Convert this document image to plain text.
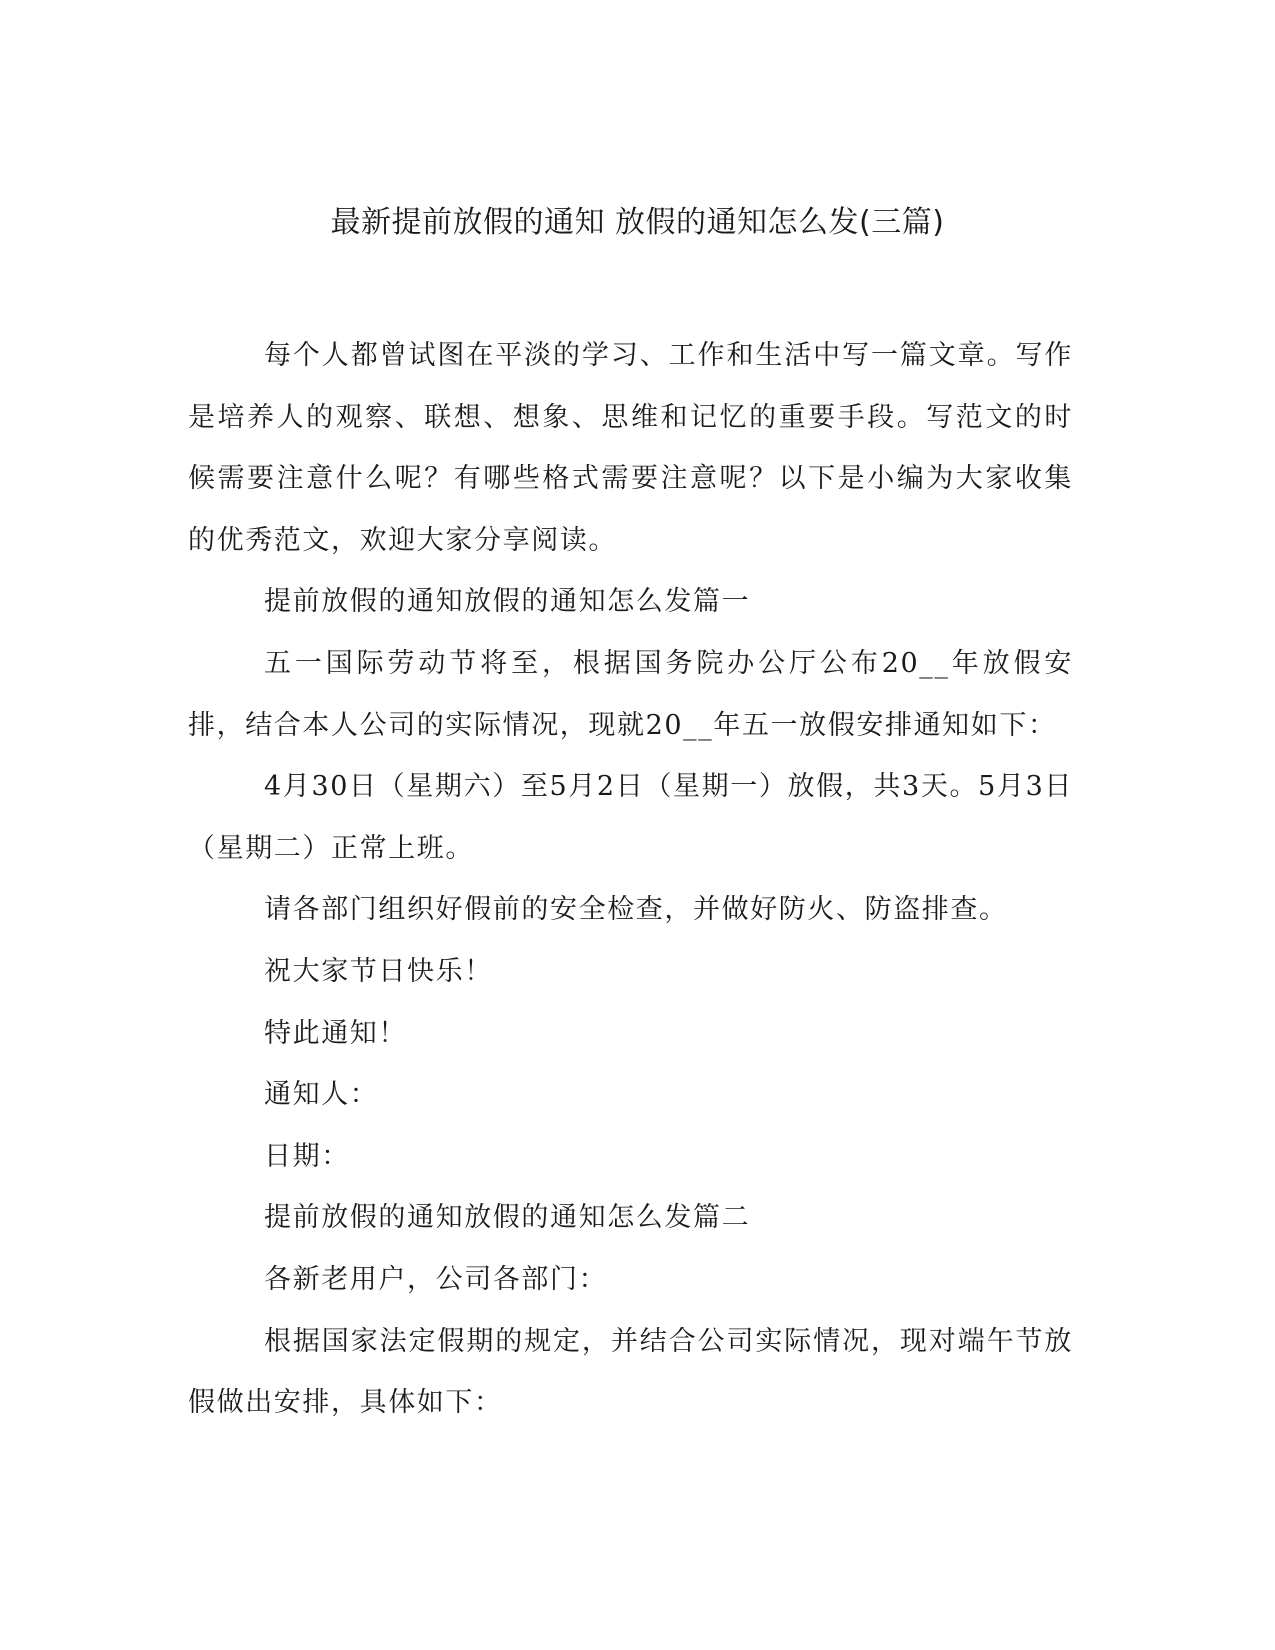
最新提前放假的通知 放假的通知怎么发(三篇)

每个人都曾试图在平淡的学习、工作和生活中写一篇文章。写作是培养人的观察、联想、想象、思维和记忆的重要手段。写范文的时候需要注意什么呢？有哪些格式需要注意呢？以下是小编为大家收集的优秀范文，欢迎大家分享阅读。

提前放假的通知放假的通知怎么发篇一

五一国际劳动节将至，根据国务院办公厅公布20__年放假安排，结合本人公司的实际情况，现就20__年五一放假安排通知如下：

4月30日（星期六）至5月2日（星期一）放假，共3天。5月3日（星期二）正常上班。

请各部门组织好假前的安全检查，并做好防火、防盗排查。

祝大家节日快乐！

特此通知！

通知人：

日期：

提前放假的通知放假的通知怎么发篇二

各新老用户，公司各部门：

根据国家法定假期的规定，并结合公司实际情况，现对端午节放假做出安排，具体如下：
